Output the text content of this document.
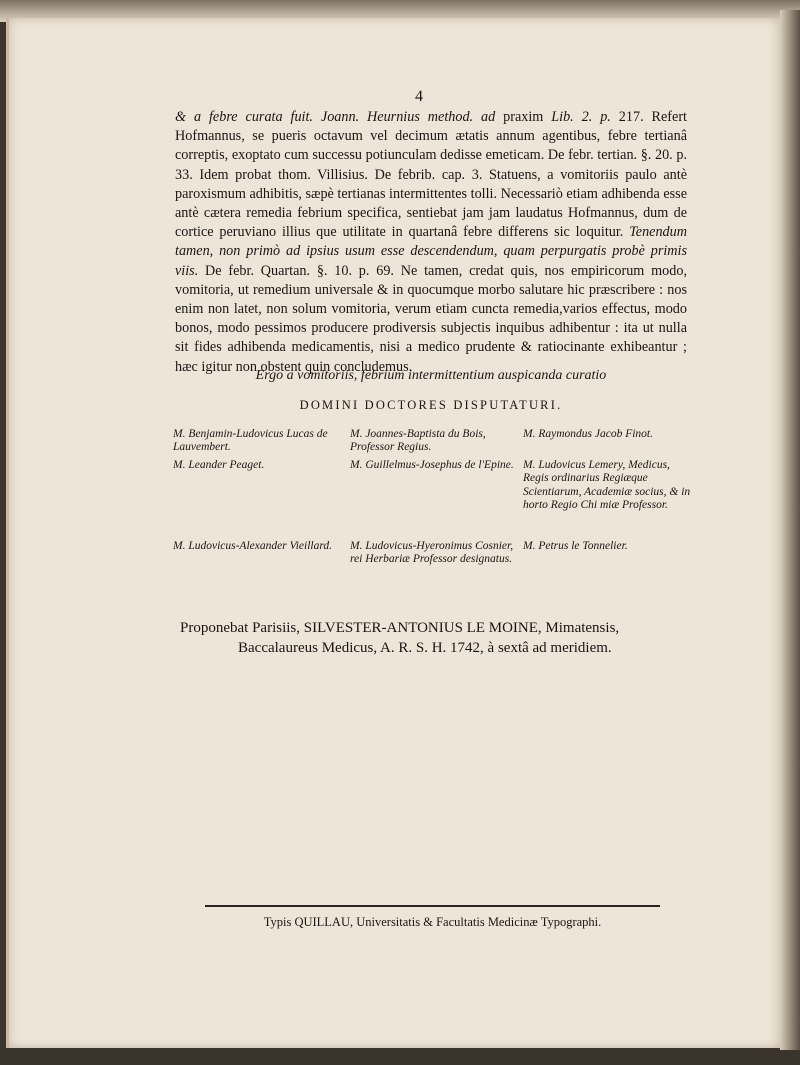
4

& a febre curata fuit. Joann. Heurnius method. ad praxim Lib. 2. p. 217. Refert Hofmannus, se pueris octavum vel decimum ætatis annum agentibus, febre tertianâ correptis, exoptato cum successu potiunculam dedisse emeticam. De febr. tertian. §. 20. p. 33. Idem probat thom. Villisius. De febrib. cap. 3. Statuens, a vomitoriis paulo antè paroxismum adhibitis, sæpè tertianas intermittentes tolli. Necessariò etiam adhibenda esse antè cætera remedia febrium specifica, sentiebat jam jam laudatus Hofmannus, dum de cortice peruviano illius que utilitate in quartanâ febre differens sic loquitur. Tenendum tamen, non primò ad ipsius usum esse descendendum, quam perpurgatis probè primis viis. De febr. Quartan. §. 10. p. 69. Ne tamen, credat quis, nos empiricorum modo, vomitoria, ut remedium universale & in quocumque morbo salutare hic præscribere : nos enim non latet, non solum vomitoria, verum etiam cuncta remedia,varios effectus, modo bonos, modo pessimos producere prodiversis subjectis inquibus adhibentur : ita ut nulla sit fides adhibenda medicamentis, nisi a medico prudente & ratiocinante exhibeantur ; hæc igitur non obstent quin concludemus.

Ergo a vomitoriis, febrium intermittentium auspicanda curatio
DOMINI DOCTORES DISPUTATURI.
M. Benjamin-Ludovicus Lucas de Lauvembert.
M. Joannes-Baptista du Bois, Professor Regius.
M. Raymondus Jacob Finot.
M. Leander Peaget.	M. Guillelmus-Josephus de l'Epine. M. Ludovicus Lemery, Medicus, Regis ordinarius Regiæque Scientiarum, Academiæ socius, & in horto Regio Chi miæ Professor.
M. Ludovicus-Alexander Vieillard.	M. Ludovicus-Hyeronimus Cosnier, rei Herbariæ Professor designatus.
M. Petrus le Tonnelier.
Proponebat Parisiis, SILVESTER-ANTONIUS LE MOINE, Mimatensis,
Baccalaureus Medicus, A. R. S. H. 1742, à sextâ ad meridiem.
Typis QUILLAU, Universitatis & Facultatis Medicinæ Typographi.
